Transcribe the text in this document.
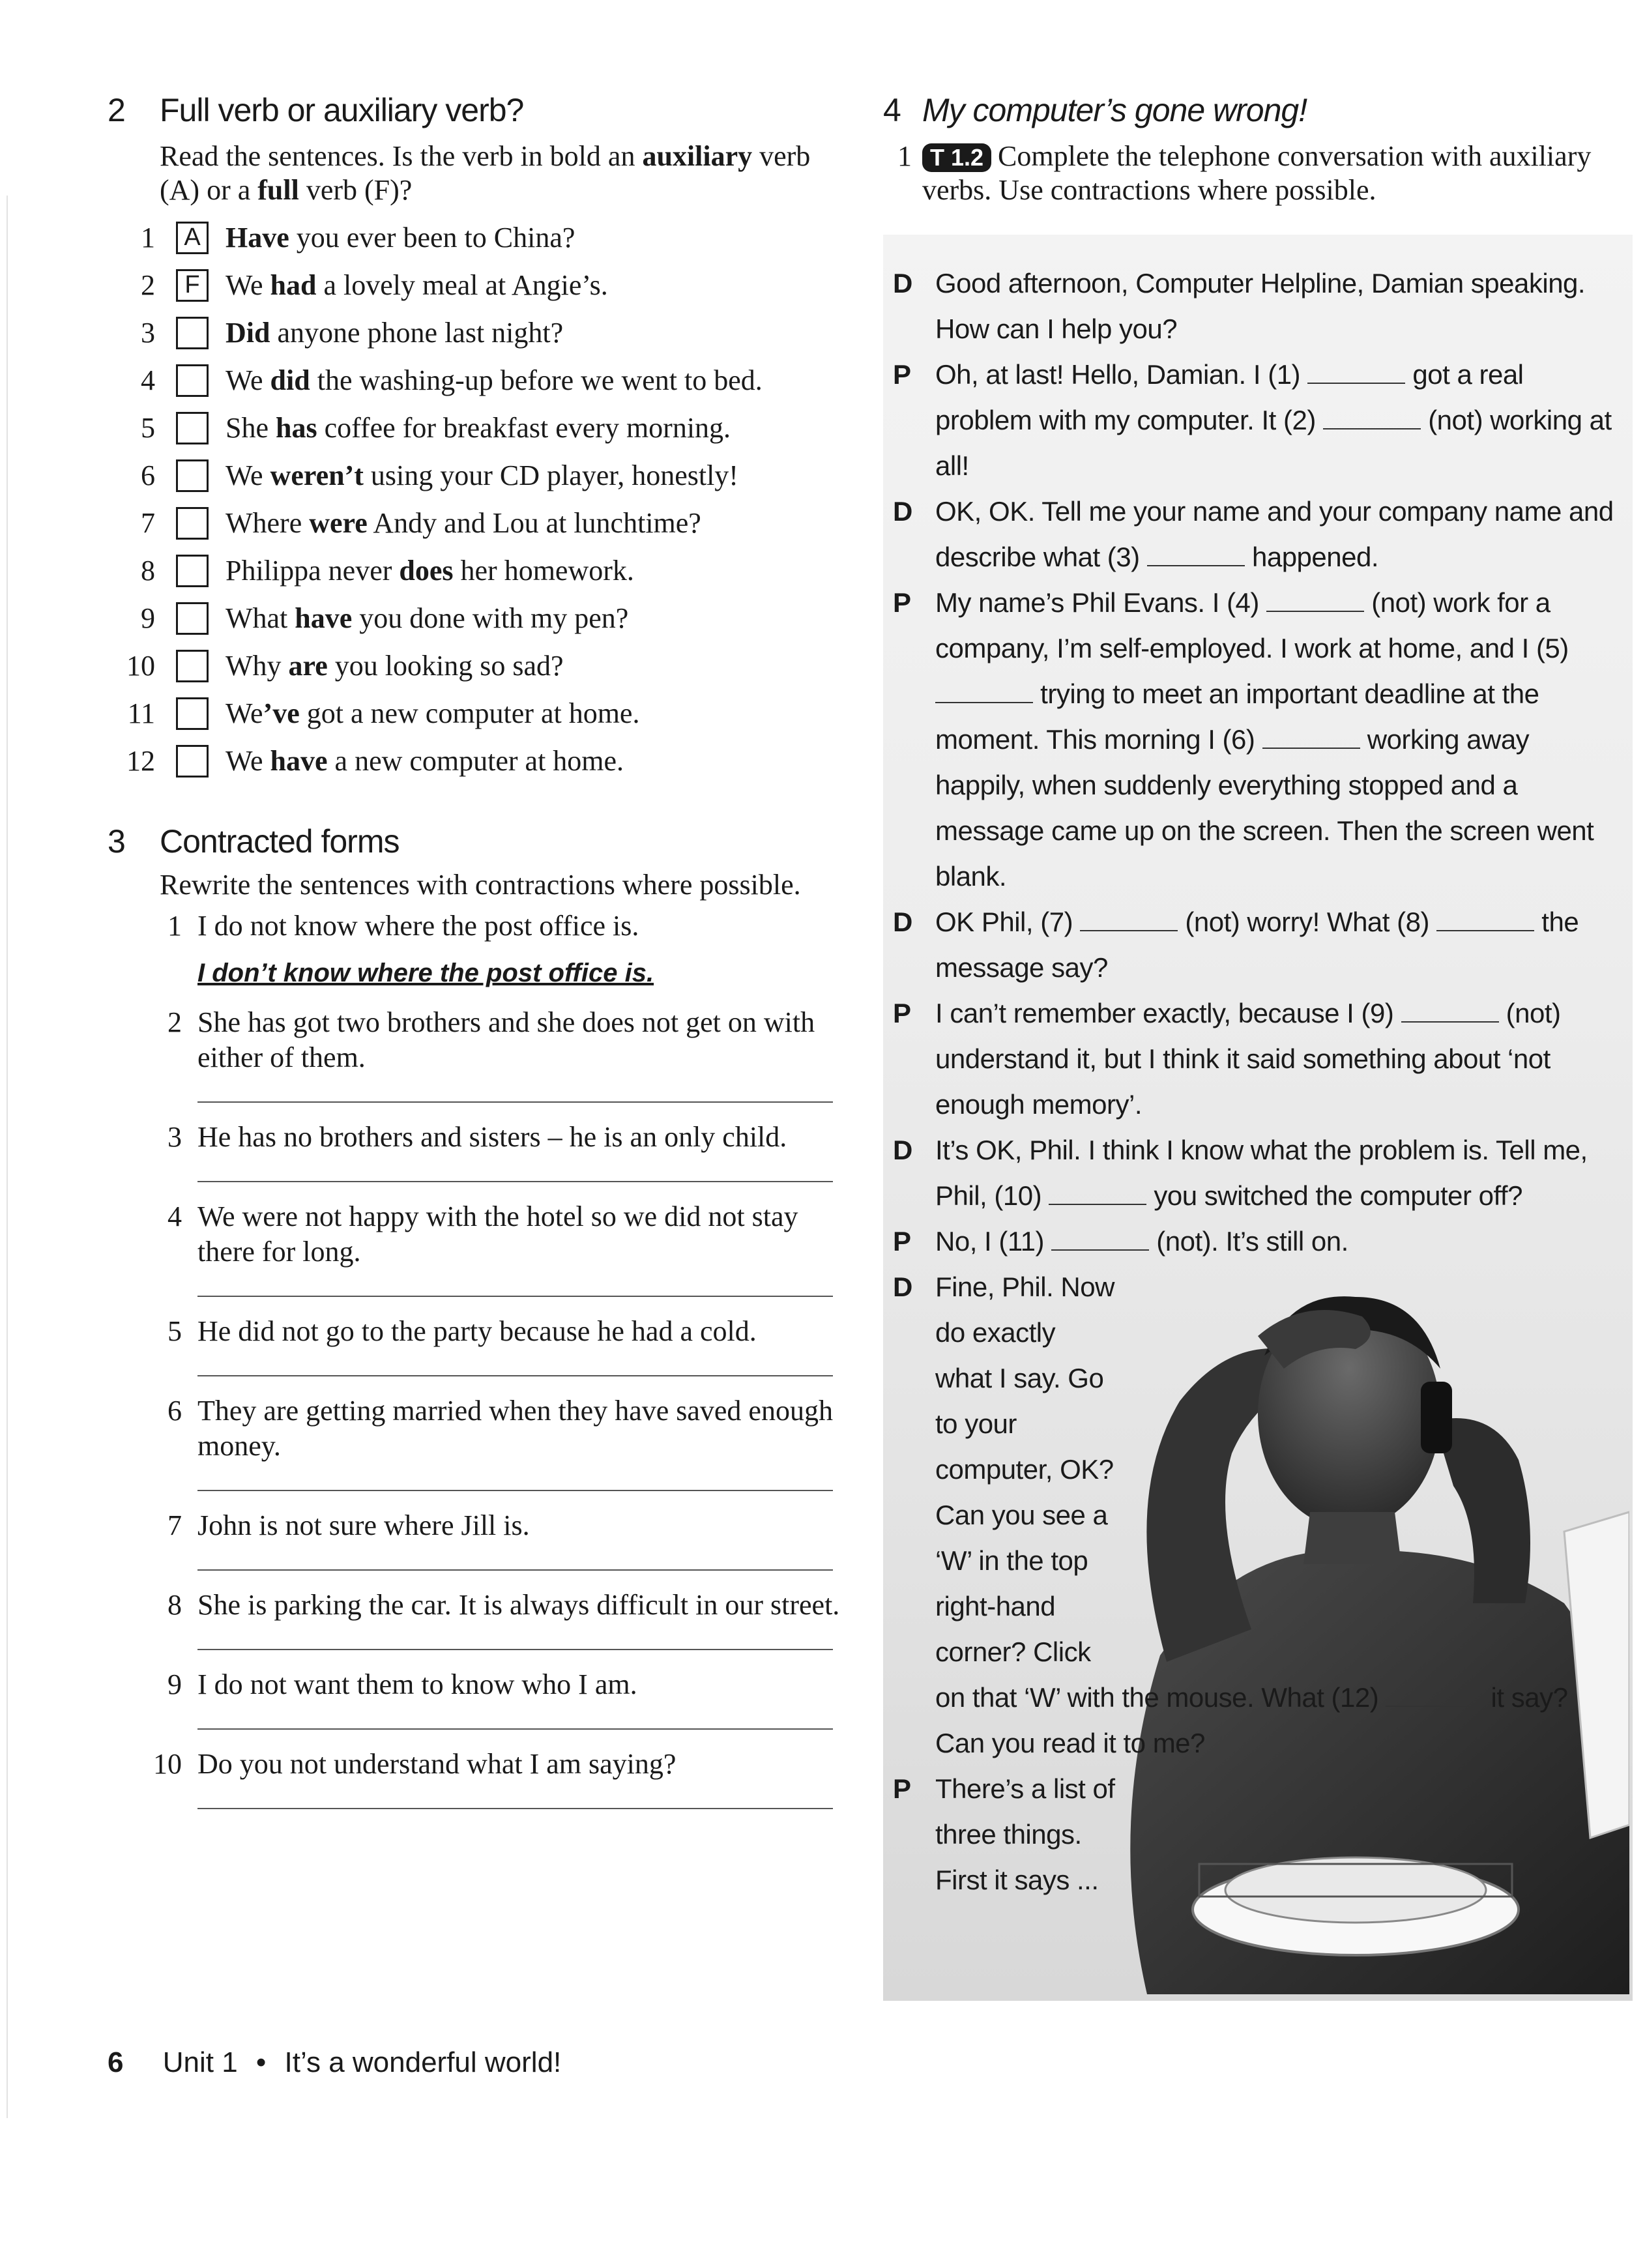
2	Full verb or auxiliary verb?
Read the sentences. Is the verb in bold an auxiliary verb (A) or a full verb (F)?
1	A Have you ever been to China?
2	F We had a lovely meal at Angie’s.
3	Did anyone phone last night?
4	We did the washing-up before we went to bed.
5	She has coffee for breakfast every morning.
6	We weren’t using your CD player, honestly!
7	Where were Andy and Lou at lunchtime?
8	Philippa never does her homework.
9	What have you done with my pen?
10	Why are you looking so sad?
11	We’ve got a new computer at home.
12	We have a new computer at home.
3	Contracted forms
Rewrite the sentences with contractions where possible.
1 I do not know where the post office is.
I don’t know where the post office is.
2 She has got two brothers and she does not get on with either of them.
3 He has no brothers and sisters – he is an only child.
4 We were not happy with the hotel so we did not stay there for long.
5 He did not go to the party because he had a cold.
6 They are getting married when they have saved enough money.
7 John is not sure where Jill is.
8 She is parking the car. It is always difficult in our street.
9 I do not want them to know who I am.
10 Do you not understand what I am saying?
4 My computer’s gone wrong!
1 T 1.2 Complete the telephone conversation with auxiliary verbs. Use contractions where possible.
D Good afternoon, Computer Helpline, Damian speaking. How can I help you?
P Oh, at last! Hello, Damian. I (1)	got a real problem with my computer. It (2)	(not) working at all!
D OK, OK. Tell me your name and your company name and describe what (3)	happened.
P My name’s Phil Evans. I (4)	(not) work for a company, I’m self-employed. I work at home, and I (5)  trying to meet an important deadline at the moment. This morning I (6)	working away happily, when suddenly everything stopped and a message came up on the screen. Then the screen went blank.
D OK Phil, (7)	(not) worry! What (8)	the message say?
P I can’t remember exactly, because I (9)	(not) understand it, but I think it said something about ‘not enough memory’.
D It’s OK, Phil. I think I know what the problem is. Tell me, Phil, (10)	you switched the computer off?
P No, I (11)	(not). It’s still on.
D Fine, Phil. Now do exactly what I say. Go to your computer, OK? Can you see a ‘W’ in the top right-hand corner? Click on that ‘W’ with the mouse. What (12)	it say? Can you read it to me?
P There’s a list of three things. First it says ...
6 Unit 1 • It’s a wonderful world!
